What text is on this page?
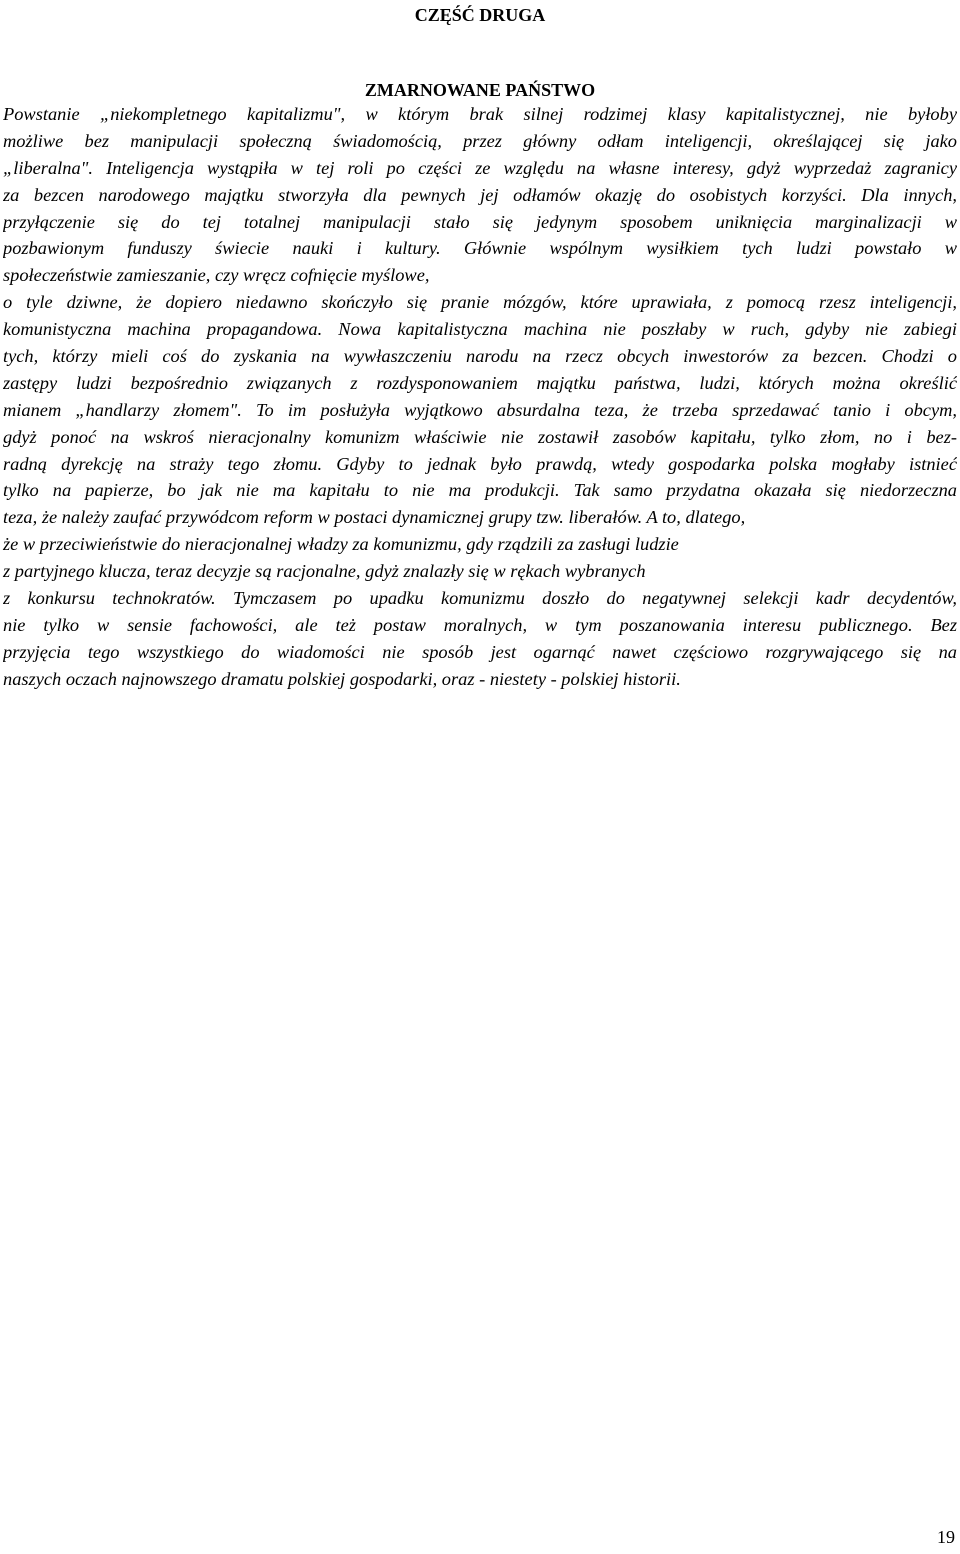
CZĘŚĆ DRUGA
ZMARNOWANE PAŃSTWO
Powstanie „niekompletnego kapitalizmu", w którym brak silnej rodzimej klasy kapitalistycznej, nie byłoby
możliwe bez manipulacji społeczną świadomością, przez główny odłam inteligencji, określającej się jako
„liberalna". Inteligencja wystąpiła w tej roli po części ze względu na własne interesy, gdyż wyprzedaż zagranicy
za bezcen narodowego majątku stworzyła dla pewnych jej odłamów okazję do osobistych korzyści. Dla innych,
przyłączenie się do tej totalnej manipulacji stało się jedynym sposobem uniknięcia marginalizacji w
pozbawionym funduszy świecie nauki i kultury. Głównie wspólnym wysiłkiem tych ludzi powstało w
społeczeństwie zamieszanie, czy wręcz cofnięcie myślowe,
o tyle dziwne, że dopiero niedawno skończyło się pranie mózgów, które uprawiała, z pomocą rzesz inteligencji,
komunistyczna machina propagandowa. Nowa kapitalistyczna machina nie poszłaby w ruch, gdyby nie zabiegi
tych, którzy mieli coś do zyskania na wywłaszczeniu narodu na rzecz obcych inwestorów za bezcen. Chodzi o
zastępy ludzi bezpośrednio związanych z rozdysponowaniem majątku państwa, ludzi, których można określić
mianem „handlarzy złomem". To im posłużyła wyjątkowo absurdalna teza, że trzeba sprzedawać tanio i obcym,
gdyż ponoć na wskroś nieracjonalny komunizm właściwie nie zostawił zasobów kapitału, tylko złom, no i bez-
radną dyrekcję na straży tego złomu. Gdyby to jednak było prawdą, wtedy gospodarka polska mogłaby istnieć
tylko na papierze, bo jak nie ma kapitału to nie ma produkcji. Tak samo przydatna okazała się niedorzeczna
teza, że należy zaufać przywódcom reform w postaci dynamicznej grupy tzw. liberałów. A to, dlatego,
że w przeciwieństwie do nieracjonalnej władzy za komunizmu, gdy rządzili za zasługi ludzie
z partyjnego klucza, teraz decyzje są racjonalne, gdyż znalazły się w rękach wybranych
z konkursu technokratów. Tymczasem po upadku komunizmu doszło do negatywnej selekcji kadr decydentów,
nie tylko w sensie fachowości, ale też postaw moralnych, w tym poszanowania interesu publicznego. Bez
przyjęcia tego wszystkiego do wiadomości nie sposób jest ogarnąć nawet częściowo rozgrywającego się na
naszych oczach najnowszego dramatu polskiej gospodarki, oraz - niestety - polskiej historii.
19
